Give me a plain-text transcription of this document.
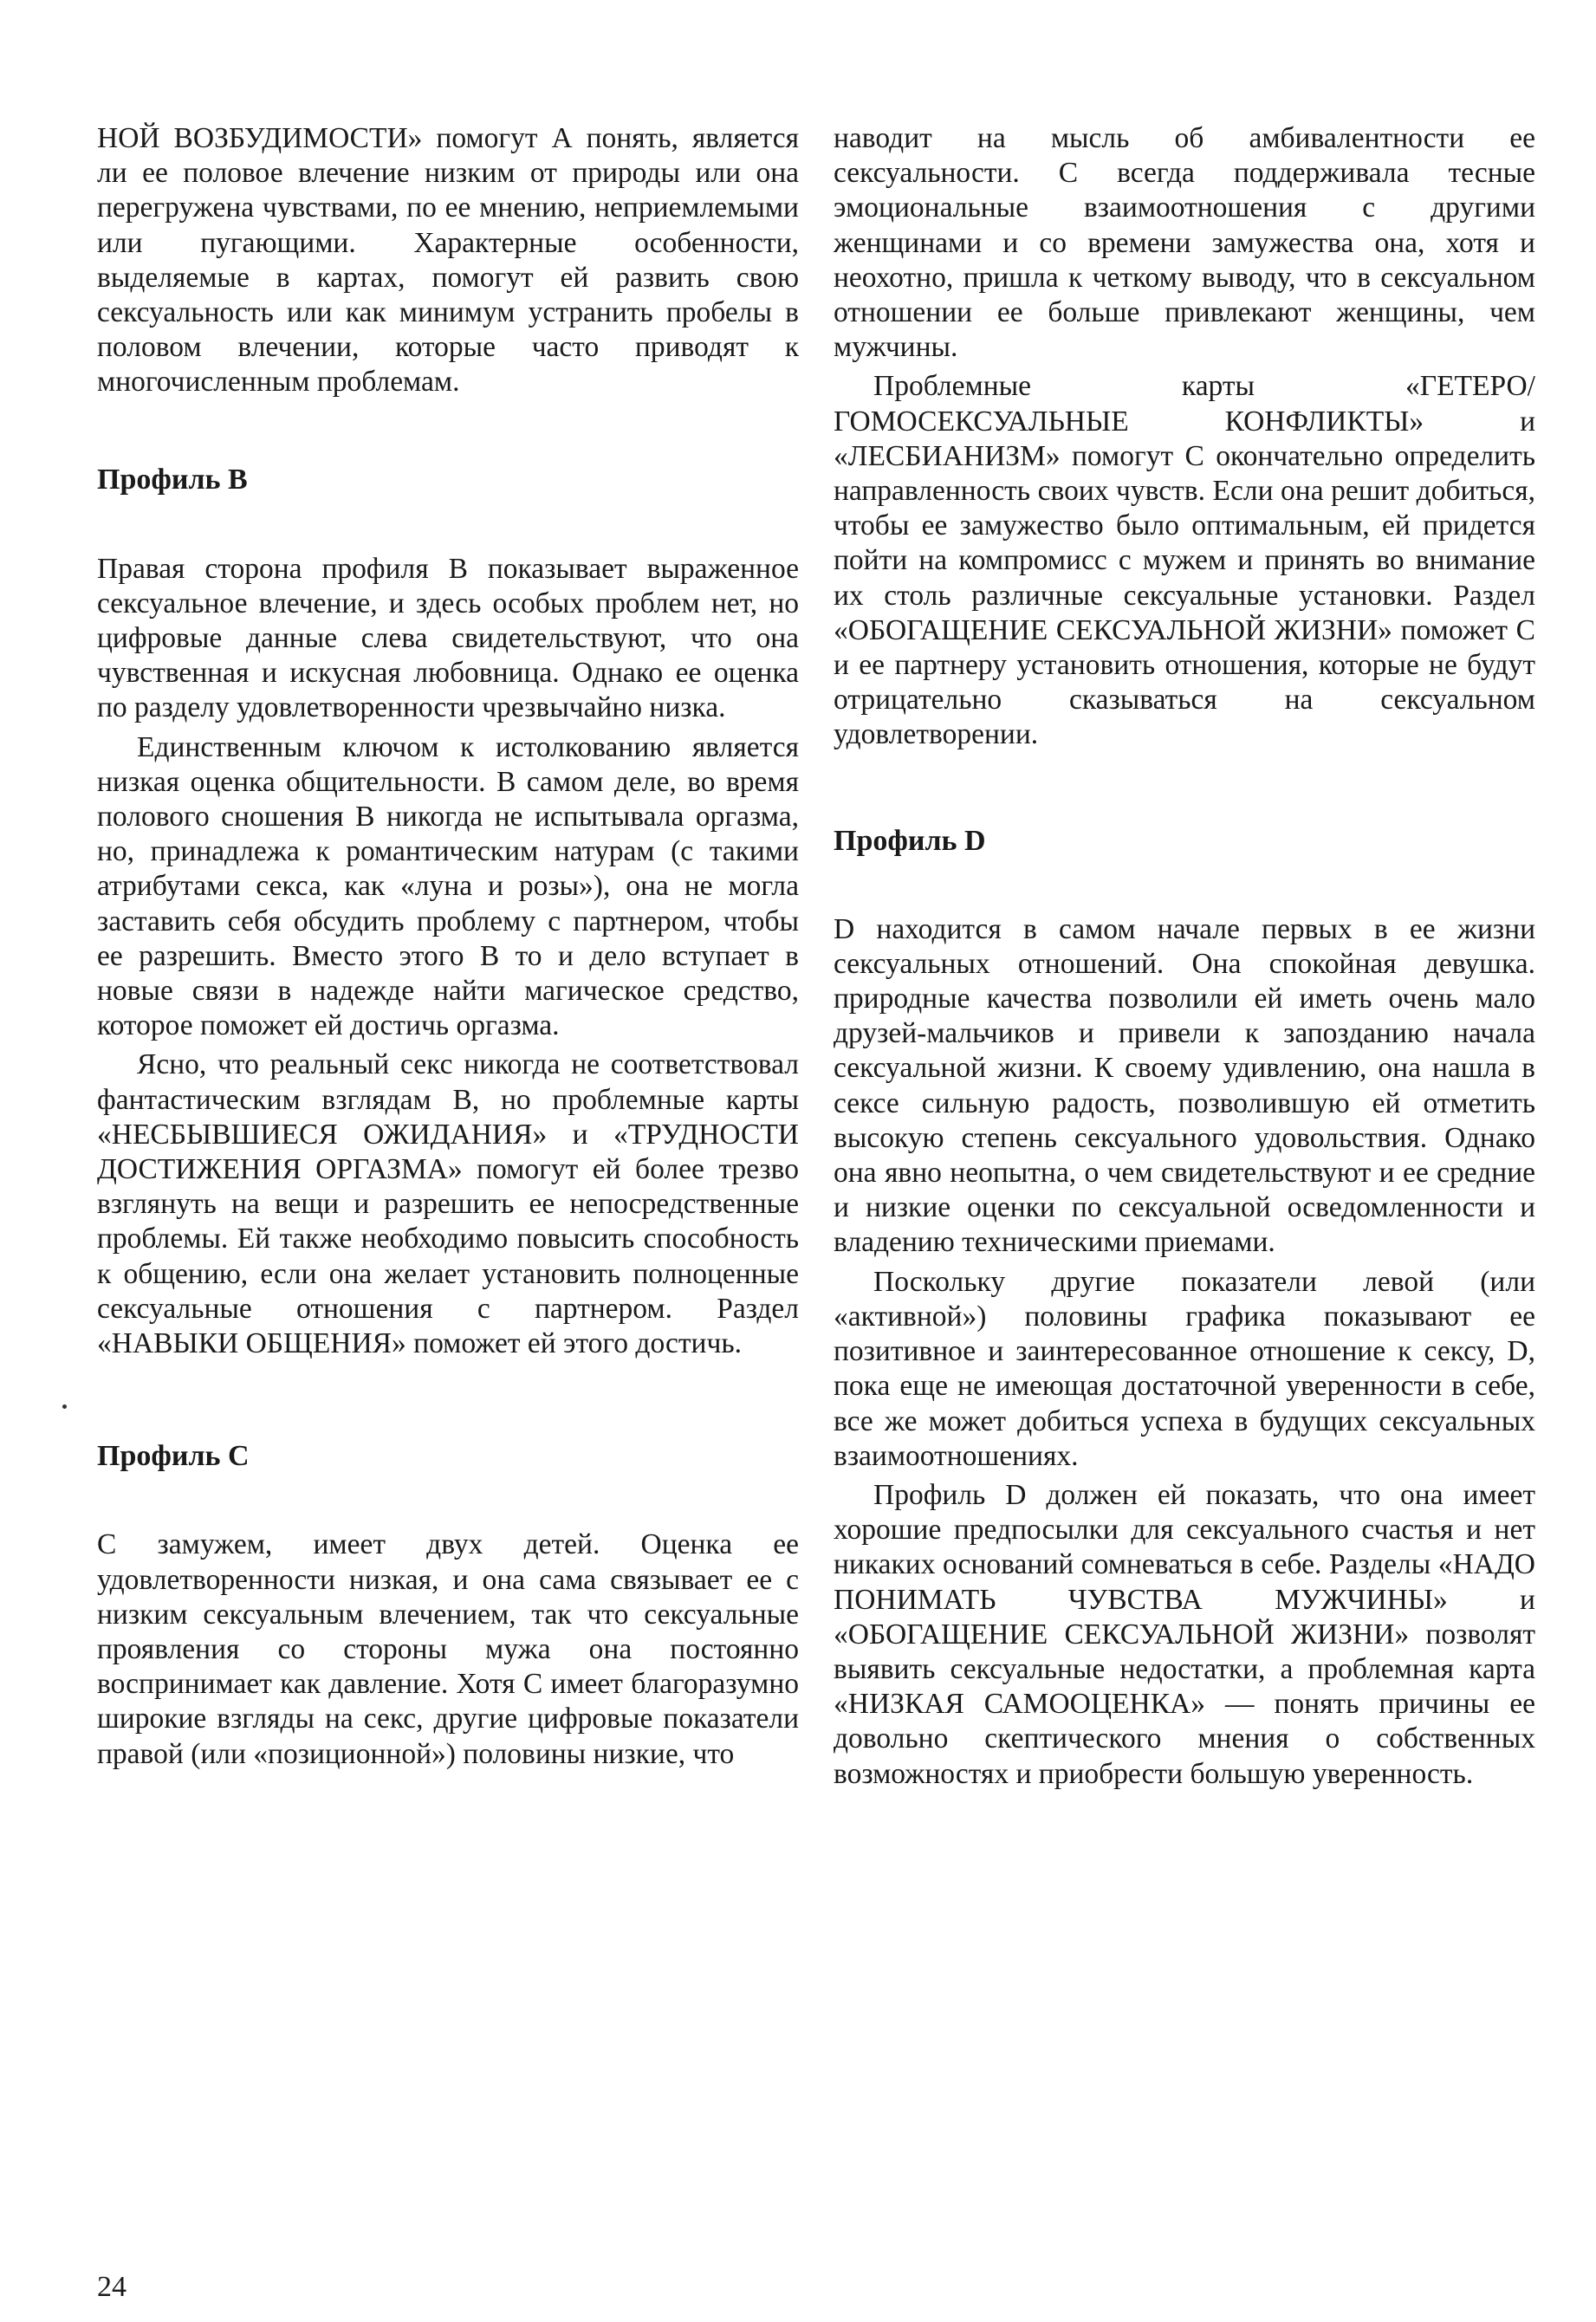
НОЙ ВОЗБУДИМОСТИ» помогут А понять, является ли ее половое влечение низким от природы или она перегружена чувствами, по ее мнению, неприемлемыми или пугающими. Характерные особенности, выделяемые в картах, помогут ей развить свою сексуальность или как минимум устранить пробелы в половом влечении, которые часто приводят к многочисленным проблемам.

Профиль B

Правая сторона профиля B показывает выраженное сексуальное влечение, и здесь особых проблем нет, но цифровые данные слева свидетельствуют, что она чувственная и искусная любовница. Однако ее оценка по разделу удовлетворенности чрезвычайно низка.

Единственным ключом к истолкованию является низкая оценка общительности. В самом деле, во время полового сношения B никогда не испытывала оргазма, но, принадлежа к романтическим натурам (с такими атрибутами секса, как «луна и розы»), она не могла заставить себя обсудить проблему с партнером, чтобы ее разрешить. Вместо этого B то и дело вступает в новые связи в надежде найти магическое средство, которое поможет ей достичь оргазма.

Ясно, что реальный секс никогда не соответствовал фантастическим взглядам B, но проблемные карты «НЕСБЫВШИЕСЯ ОЖИДАНИЯ» и «ТРУДНОСТИ ДОСТИЖЕНИЯ ОРГАЗМА» помогут ей более трезво взглянуть на вещи и разрешить ее непосредственные проблемы. Ей также необходимо повысить способность к общению, если она желает установить полноценные сексуальные отношения с партнером. Раздел «НАВЫКИ ОБЩЕНИЯ» поможет ей этого достичь.

Профиль C

C замужем, имеет двух детей. Оценка ее удовлетворенности низкая, и она сама связывает ее с низким сексуальным влечением, так что сексуальные проявления со стороны мужа она постоянно воспринимает как давление. Хотя C имеет благоразумно широкие взгляды на секс, другие цифровые показатели правой (или «позиционной») половины низкие, что

наводит на мысль об амбивалентности ее сексуальности. C всегда поддерживала тесные эмоциональные взаимоотношения с другими женщинами и со времени замужества она, хотя и неохотно, пришла к четкому выводу, что в сексуальном отношении ее больше привлекают женщины, чем мужчины.

Проблемные карты «ГЕТЕРО/ГОМОСЕКСУАЛЬНЫЕ КОНФЛИКТЫ» и «ЛЕСБИАНИЗМ» помогут C окончательно определить направленность своих чувств. Если она решит добиться, чтобы ее замужество было оптимальным, ей придется пойти на компромисс с мужем и принять во внимание их столь различные сексуальные установки. Раздел «ОБОГАЩЕНИЕ СЕКСУАЛЬНОЙ ЖИЗНИ» поможет C и ее партнеру установить отношения, которые не будут отрицательно сказываться на сексуальном удовлетворении.

Профиль D

D находится в самом начале первых в ее жизни сексуальных отношений. Она спокойная девушка. природные качества позволили ей иметь очень мало друзей-мальчиков и привели к запозданию начала сексуальной жизни. К своему удивлению, она нашла в сексе сильную радость, позволившую ей отметить высокую степень сексуального удовольствия. Однако она явно неопытна, о чем свидетельствуют и ее средние и низкие оценки по сексуальной осведомленности и владению техническими приемами.

Поскольку другие показатели левой (или «активной») половины графика показывают ее позитивное и заинтересованное отношение к сексу, D, пока еще не имеющая достаточной уверенности в себе, все же может добиться успеха в будущих сексуальных взаимоотношениях.

Профиль D должен ей показать, что она имеет хорошие предпосылки для сексуального счастья и нет никаких оснований сомневаться в себе. Разделы «НАДО ПОНИМАТЬ ЧУВСТВА МУЖЧИНЫ» и «ОБОГАЩЕНИЕ СЕКСУАЛЬНОЙ ЖИЗНИ» позволят выявить сексуальные недостатки, а проблемная карта «НИЗКАЯ САМООЦЕНКА» — понять причины ее довольно скептического мнения о собственных возможностях и приобрести большую уверенность.

24
